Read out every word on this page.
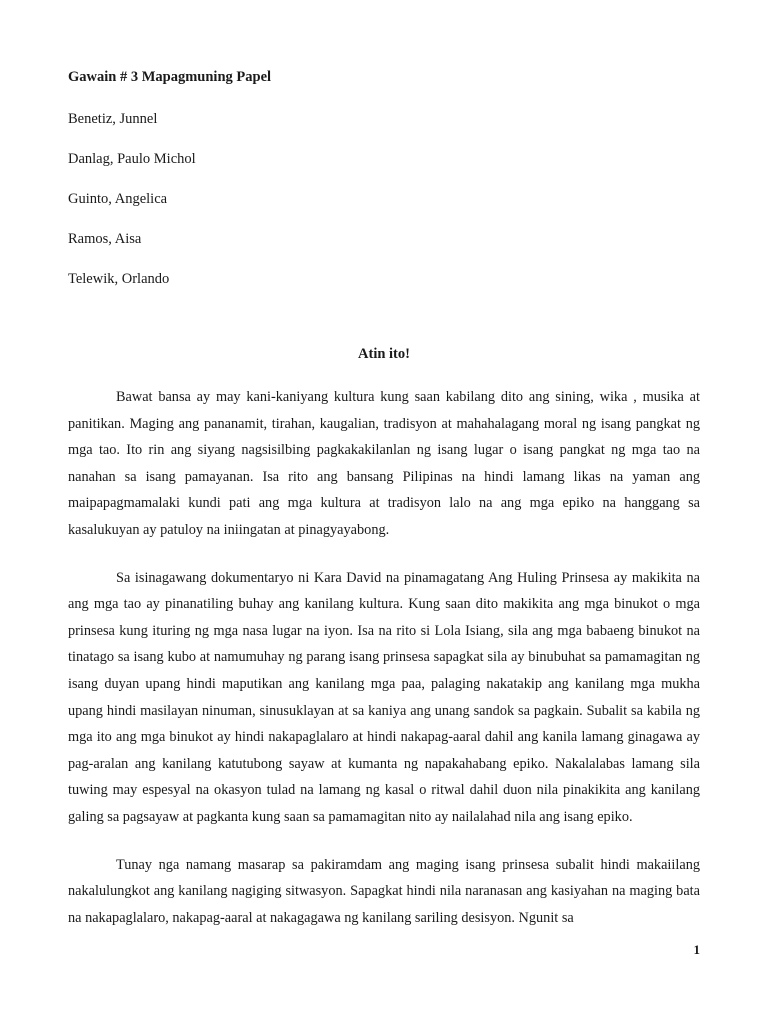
Gawain # 3 Mapagmuning Papel

Benetiz, Junnel
Danlag, Paulo Michol
Guinto, Angelica
Ramos, Aisa
Telewik, Orlando

Atin ito!

Bawat bansa ay may kani-kaniyang kultura kung saan kabilang dito ang sining, wika , musika at panitikan. Maging ang pananamit, tirahan, kaugalian, tradisyon at mahahalagang moral ng isang pangkat ng mga tao. Ito rin ang siyang nagsisilbing pagkakakilanlan ng isang lugar o isang pangkat ng mga tao na nanahan sa isang pamayanan. Isa rito ang bansang Pilipinas na hindi lamang likas na yaman ang maipapagmamalaki kundi pati ang mga kultura at tradisyon lalo na ang mga epiko na hanggang sa kasalukuyan ay patuloy na iniingatan at pinagyayabong.

Sa isinagawang dokumentaryo ni Kara David na pinamagatang Ang Huling Prinsesa ay makikita na ang mga tao ay pinanatiling buhay ang kanilang kultura. Kung saan dito makikita ang mga binukot o mga prinsesa kung ituring ng mga nasa lugar na iyon. Isa na rito si Lola Isiang, sila ang mga babaeng binukot na tinatago sa isang kubo at namumuhay ng parang isang prinsesa sapagkat sila ay binubuhat sa pamamagitan ng isang duyan upang hindi maputikan ang kanilang mga paa, palaging nakatakip ang kanilang mga mukha upang hindi masilayan ninuman, sinusuklayan at sa kaniya ang unang sandok sa pagkain. Subalit sa kabila ng mga ito ang mga binukot ay hindi nakapaglalaro at hindi nakapag-aaral dahil ang kanila lamang ginagawa ay pag-aralan ang kanilang katutubong sayaw at kumanta ng napakahabang epiko. Nakalalabas lamang sila tuwing may espesyal na okasyon tulad na lamang ng kasal o ritwal dahil duon nila pinakikita ang kanilang galing sa pagsayaw at pagkanta kung saan sa pamamagitan nito ay nailalahad nila ang isang epiko.

Tunay nga namang masarap sa pakiramdam ang maging isang prinsesa subalit hindi makaiilang nakalulungkot ang kanilang nagiging sitwasyon. Sapagkat hindi nila naranasan ang kasiyahan na maging bata na nakapaglalaro, nakapag-aaral at nakagagawa ng kanilang sariling desisyon. Ngunit sa

1
